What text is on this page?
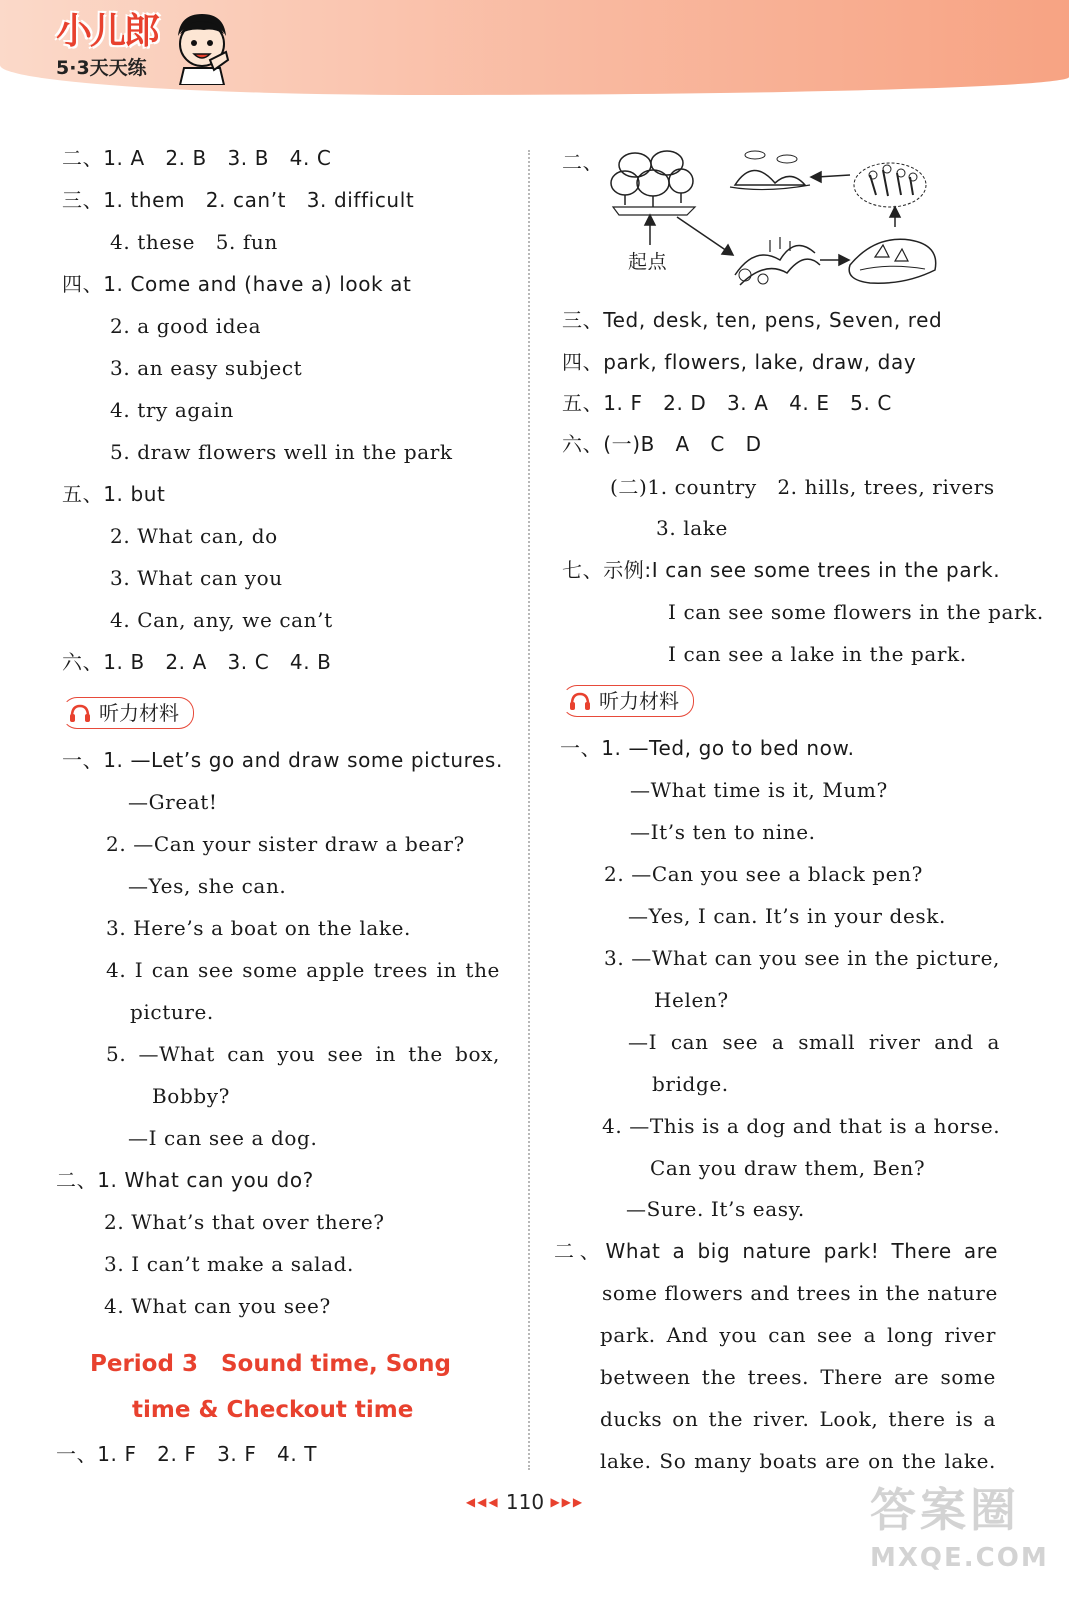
小儿郎
5·3天天练
二、1. A　2. B　3. B　4. C
三、1. them　2. can’t　3. difficult
4. these　5. fun
四、1. Come and (have a) look at
2. a good idea
3. an easy subject
4. try again
5. draw flowers well in the park
五、1. but
2. What can, do
3. What can you
4. Can, any, we can’t
六、1. B　2. A　3. C　4. B
听力材料
一、1. —Let’s go and draw some pictures.
—Great!
2. —Can your sister draw a bear?
—Yes, she can.
3. Here’s a boat on the lake.
4. I can see some apple trees in the
picture.
5. —What can you see in the box,
Bobby?
—I can see a dog.
二、1. What can you do?
2. What’s that over there?
3. I can’t make a salad.
4. What can you see?
Period 3　Sound time, Song
time & Checkout time
一、1. F　2. F　3. F　4. T
二、
起点
三、Ted, desk, ten, pens, Seven, red
四、park, flowers, lake, draw, day
五、1. F　2. D　3. A　4. E　5. C
六、(一)B　A　C　D
(二)1. country　2. hills, trees, rivers
3. lake
七、示例:I can see some trees in the park.
I can see some flowers in the park.
I can see a lake in the park.
听力材料
一、1. —Ted, go to bed now.
—What time is it, Mum?
—It’s ten to nine.
2. —Can you see a black pen?
—Yes, I can. It’s in your desk.
3. —What can you see in the picture,
Helen?
—I can see a small river and a
bridge.
4. —This is a dog and that is a horse.
Can you draw them, Ben?
—Sure. It’s easy.
二、What a big nature park! There are
some flowers and trees in the nature
park. And you can see a long river
between the trees. There are some
ducks on the river. Look, there is a
lake. So many boats are on the lake.
◀◀◀ 110 ▶▶▶	答案圈
MXQE.COM
